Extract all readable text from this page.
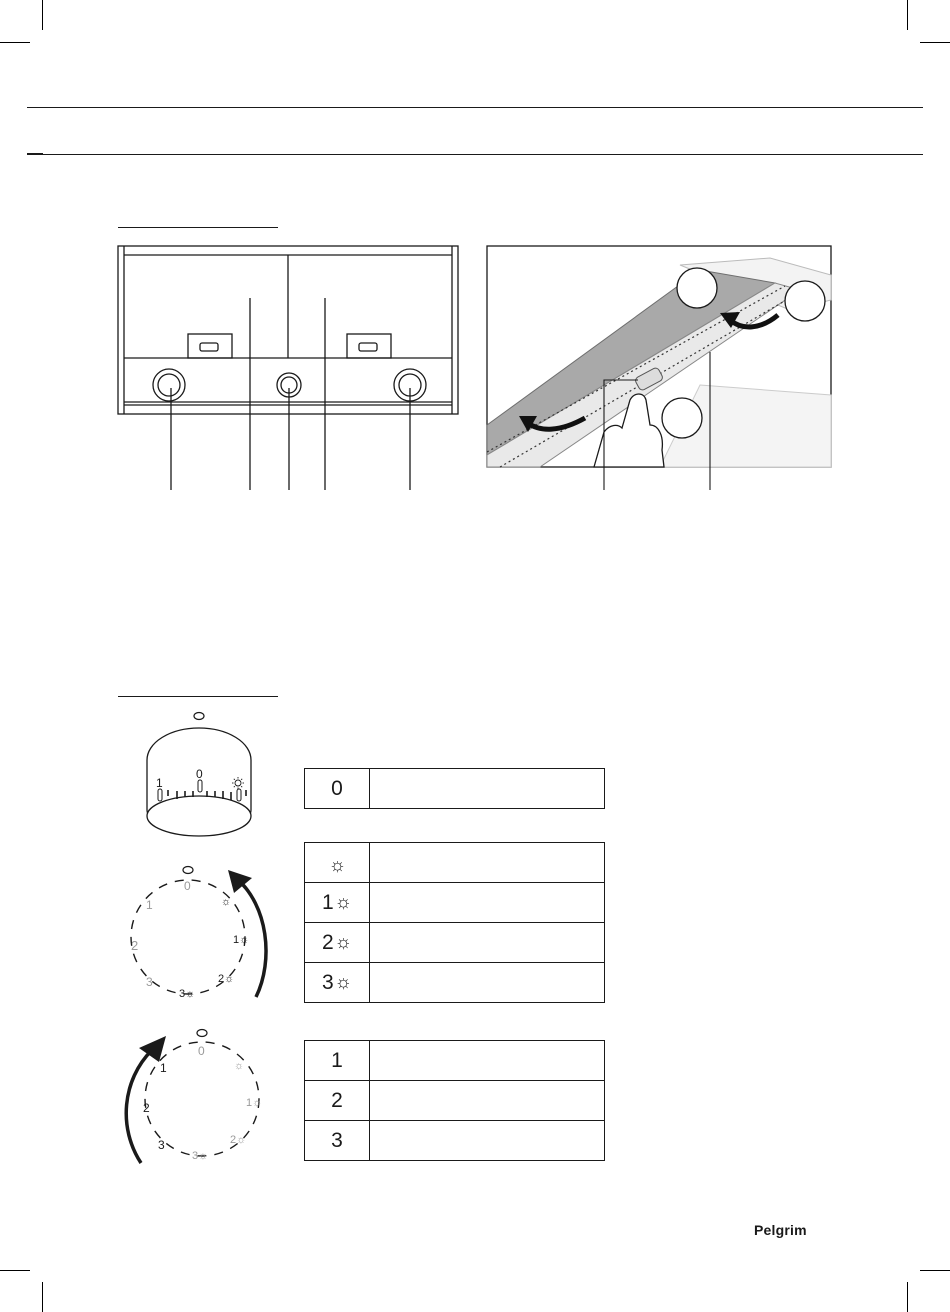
1
0
0
1
2
3
☼
1☼
2☼
3☼
0
1
2
3
☼
1☼
2☼
3☼
0	
☼	

1 ☼	

2 ☼	

3 ☼	

1	
2	
3	
Pelgrim
